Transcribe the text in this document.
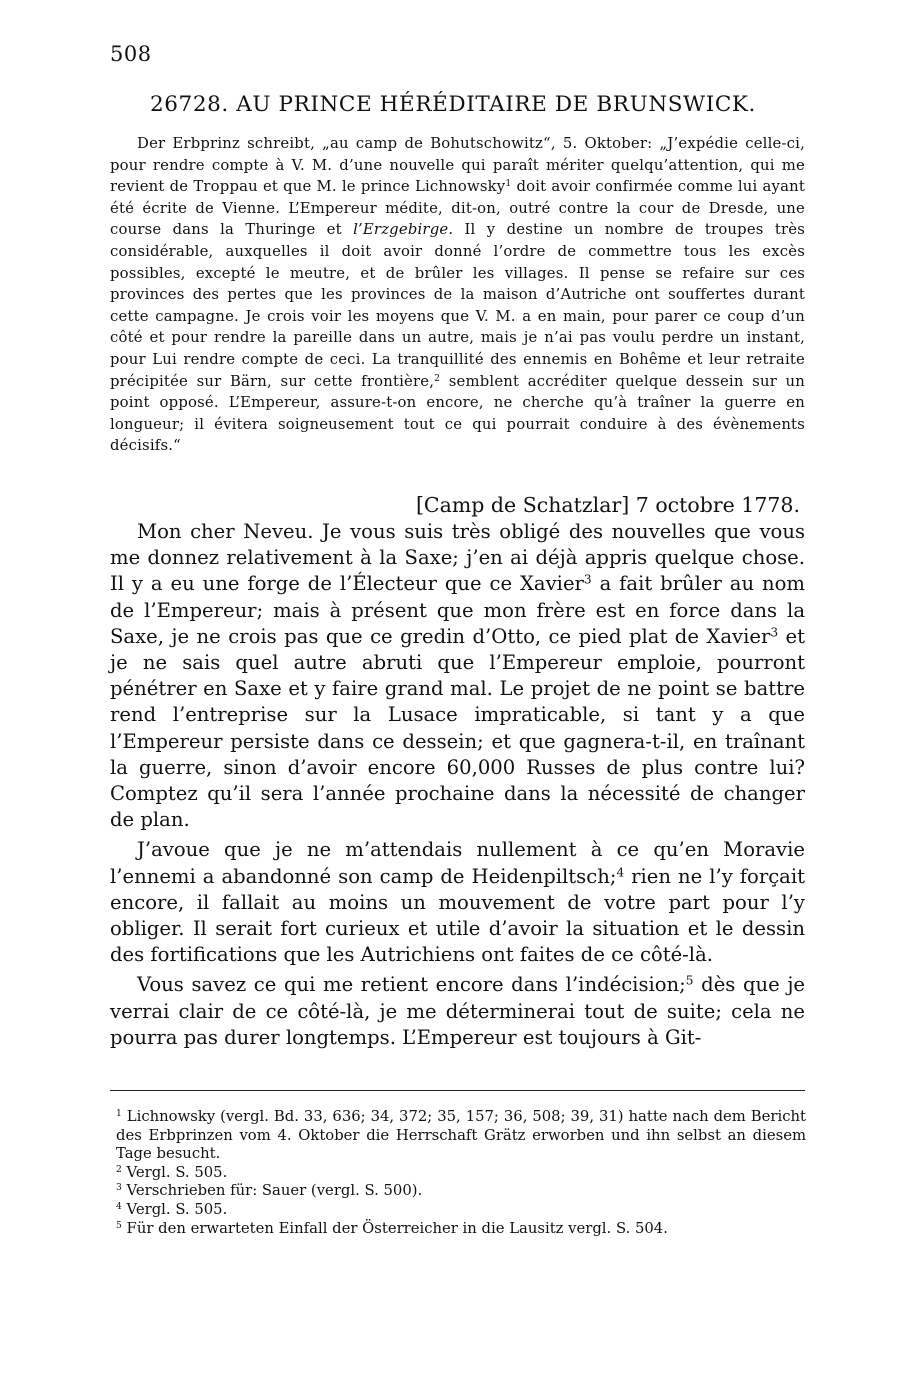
508
26728. AU PRINCE HÉRÉDITAIRE DE BRUNSWICK.
Der Erbprinz schreibt, „au camp de Bohutschowitz“, 5. Oktober: „J’expédie celle-ci, pour rendre compte à V. M. d’une nouvelle qui paraît mériter quelqu’attention, qui me revient de Troppau et que M. le prince Lichnowsky$^1$ doit avoir confirmée comme lui ayant été écrite de Vienne. L’Empereur médite, dit-on, outré contre la cour de Dresde, une course dans la Thuringe et l’Erzgebirge. Il y destine un nombre de troupes très considérable, auxquelles il doit avoir donné l’ordre de commettre tous les excès possibles, excepté le meutre, et de brûler les villages. Il pense se refaire sur ces provinces des pertes que les provinces de la maison d’Autriche ont souffertes durant cette campagne. Je crois voir les moyens que V. M. a en main, pour parer ce coup d’un côté et pour rendre la pareille dans un autre, mais je n’ai pas voulu perdre un instant, pour Lui rendre compte de ceci. La tranquillité des ennemis en Bohême et leur retraite précipitée sur Bärn, sur cette frontière,$^2$ semblent accréditer quelque dessein sur un point opposé. L’Empereur, assure-t-on encore, ne cherche qu’à traîner la guerre en longueur; il évitera soigneusement tout ce qui pourrait conduire à des évènements décisifs.“
[Camp de Schatzlar] 7 octobre 1778.

Mon cher Neveu. Je vous suis très obligé des nouvelles que vous me donnez relativement à la Saxe; j’en ai déjà appris quelque chose. Il y a eu une forge de l’Électeur que ce Xavier$^3$ a fait brûler au nom de l’Empereur; mais à présent que mon frère est en force dans la Saxe, je ne crois pas que ce gredin d’Otto, ce pied plat de Xavier$^3$ et je ne sais quel autre abruti que l’Empereur emploie, pourront pénétrer en Saxe et y faire grand mal. Le projet de ne point se battre rend l’entreprise sur la Lusace impraticable, si tant y a que l’Empereur persiste dans ce dessein; et que gagnera-t-il, en traînant la guerre, sinon d’avoir encore 60,000 Russes de plus contre lui? Comptez qu’il sera l’année prochaine dans la nécessité de changer de plan.

J’avoue que je ne m’attendais nullement à ce qu’en Moravie l’ennemi a abandonné son camp de Heidenpiltsch;$^4$ rien ne l’y forçait encore, il fallait au moins un mouvement de votre part pour l’y obliger. Il serait fort curieux et utile d’avoir la situation et le dessin des fortifications que les Autrichiens ont faites de ce côté-là.

Vous savez ce qui me retient encore dans l’indécision;$^5$ dès que je verrai clair de ce côté-là, je me déterminerai tout de suite; cela ne pourra pas durer longtemps. L’Empereur est toujours à Git-

$^1$ Lichnowsky (vergl. Bd. 33, 636; 34, 372; 35, 157; 36, 508; 39, 31) hatte nach dem Bericht des Erbprinzen vom 4. Oktober die Herrschaft Grätz erworben und ihn selbst an diesem Tage besucht.
$^2$ Vergl. S. 505.
$^3$ Verschrieben für: Sauer (vergl. S. 500).
$^4$ Vergl. S. 505.
$^5$ Für den erwarteten Einfall der Österreicher in die Lausitz vergl. S. 504.
